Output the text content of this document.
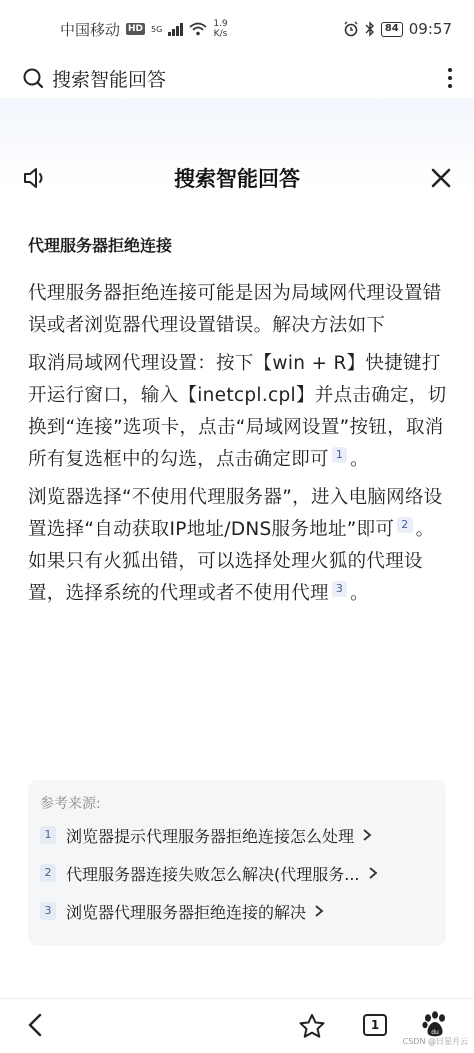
中国移动 HD 5G	1.9
K/s
84 09:57
搜索智能回答
搜索智能回答
代理服务器拒绝连接

代理服务器拒绝连接可能是因为局域网代理设置错误或者浏览器代理设置错误。解决方法如下

取消局域网代理设置：按下【win + R】快捷键打开运行窗口，输入【inetcpl.cpl】并点击确定，切换到“连接”选项卡，点击“局域网设置”按钮，取消所有复选框中的勾选，点击确定即可 1 。

浏览器选择“不使用代理服务器”，进入电脑网络设置选择“自动获取IP地址/DNS服务地址”即可 2 。如果只有火狐出错，可以选择处理火狐的代理设置，选择系统的代理或者不使用代理 3 。

参考来源:
1 浏览器提示代理服务器拒绝连接怎么处理
2 代理服务器连接失败怎么解决(代理服务...
3 浏览器代理服务器拒绝连接的解决
1
du
CSDN @日星月云
